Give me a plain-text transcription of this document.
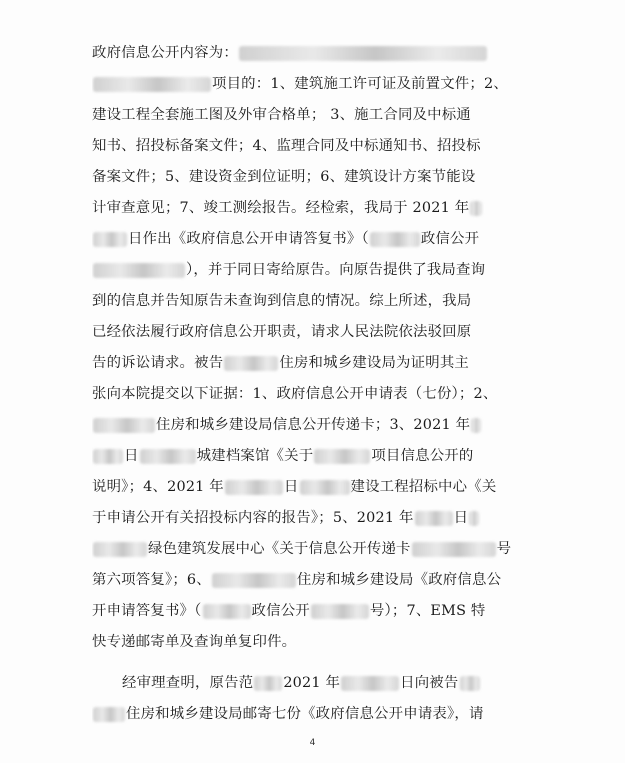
政府信息公开内容为：
项目的：1、建筑施工许可证及前置文件；2、
建设工程全套施工图及外审合格单； 3、施工合同及中标通
知书、招投标备案文件；4、监理合同及中标通知书、招投标
备案文件；5、建设资金到位证明；6、建筑设计方案节能设
计审查意见；7、竣工测绘报告。经检索，我局于 2021 年
日作出《政府信息公开申请答复书》（	政信公开
），并于同日寄给原告。向原告提供了我局查询
到的信息并告知原告未查询到信息的情况。综上所述，我局
已经依法履行政府信息公开职责，请求人民法院依法驳回原
告的诉讼请求。被告	住房和城乡建设局为证明其主
张向本院提交以下证据：1、政府信息公开申请表（七份）；2、
住房和城乡建设局信息公开传递卡；3、2021 年
日	城建档案馆《关于	项目信息公开的
说明》；4、2021 年	日	建设工程招标中心《关
于申请公开有关招投标内容的报告》；5、2021 年	日
绿色建筑发展中心《关于信息公开传递卡	号
第六项答复》；6、	住房和城乡建设局《政府信息公
开申请答复书》（	政信公开	号）；7、EMS 特
快专递邮寄单及查询单复印件。
经审理查明，原告范 2021 年	日向被告
住房和城乡建设局邮寄七份《政府信息公开申请表》，请
4
